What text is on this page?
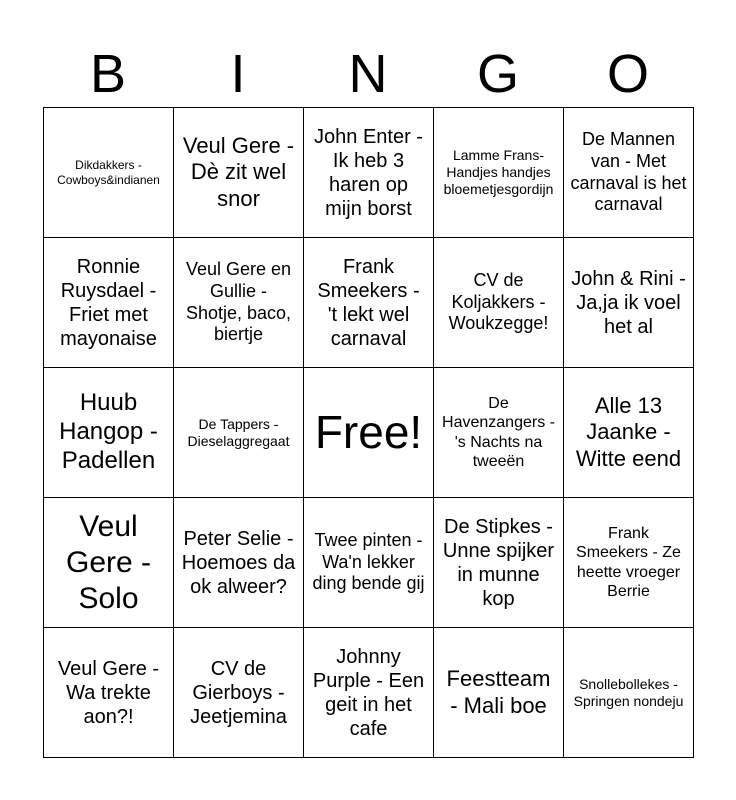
B	I	N	G	O
Dikdakkers - Cowboys&indianen	Veul Gere - Dè zit wel snor	John Enter - Ik heb 3 haren op mijn borst	Lamme Frans- Handjes handjes bloemetjesgordijn	De Mannen van - Met carnaval is het carnaval
Ronnie Ruysdael - Friet met mayonaise	Veul Gere en Gullie - Shotje, baco, biertje	Frank Smeekers - 't lekt wel carnaval	CV de Koljakkers - Woukzegge!	John & Rini - Ja,ja ik voel het al
Huub Hangop - Padellen	De Tappers - Dieselaggregaat	Free!	De Havenzangers - 's Nachts na tweeën	Alle 13 Jaanke - Witte eend
Veul Gere - Solo	Peter Selie - Hoemoes da ok alweer?	Twee pinten - Wa'n lekker ding bende gij	De Stipkes - Unne spijker in munne kop	Frank Smeekers - Ze heette vroeger Berrie
Veul Gere - Wa trekte aon?!	CV de Gierboys - Jeetjemina	Johnny Purple - Een geit in het cafe	Feestteam - Mali boe	Snollebollekes - Springen nondeju
